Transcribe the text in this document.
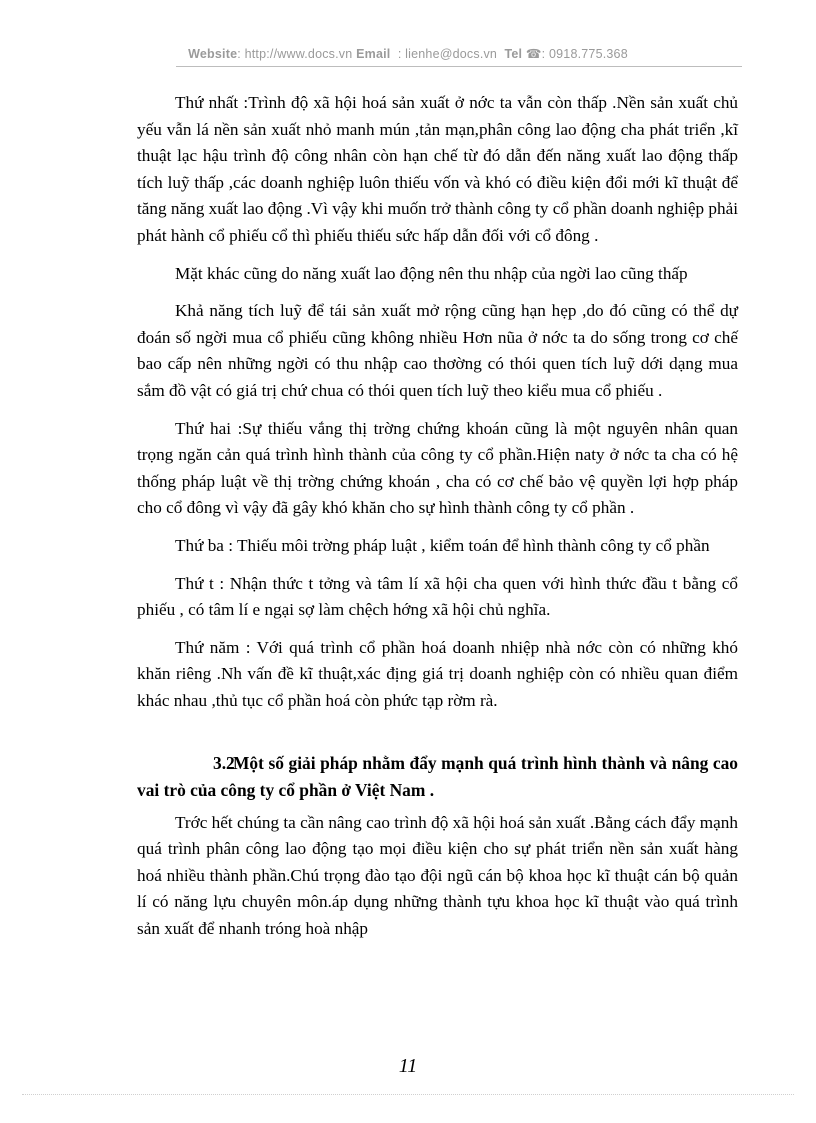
Website: http://www.docs.vn Email : lienhe@docs.vn Tel ☎: 0918.775.368

Thứ nhất :Trình độ xã hội hoá sản xuất ở nớc ta vẫn còn thấp .Nền sản xuất chủ yếu vẫn lá nền sản xuất nhỏ manh mún ,tản mạn,phân công lao động cha phát triển ,kĩ thuật lạc hậu trình độ công nhân còn hạn chế từ đó dẫn đến năng xuất lao động thấp tích luỹ thấp ,các doanh nghiệp luôn thiếu vốn và khó có điều kiện đổi mới kĩ thuật để tăng năng xuất lao động .Vì vậy khi muốn trở thành công ty cổ phần doanh nghiệp phải phát hành cổ phiếu cổ thì phiếu thiếu sức hấp dẫn đối với cổ đông .

Mặt khác cũng do năng xuất lao động nên thu nhập của ngời lao cũng thấp

Khả năng tích luỹ để tái sản xuất mở rộng cũng hạn hẹp ,do đó cũng có thể dự đoán số ngời mua cổ phiếu cũng không nhiều Hơn nũa ở nớc ta do sống trong cơ chế bao cấp nên những ngời có thu nhập cao thơờng có thói quen tích luỹ dới dạng mua sắm đồ vật có giá trị chứ chua có thói quen tích luỹ theo kiểu mua cổ phiếu .

Thứ hai :Sự thiếu vắng thị trờng chứng khoán cũng là một nguyên nhân quan trọng ngăn cản quá trình hình thành của công ty cổ phần.Hiện naty ở nớc ta cha có hệ thống pháp luật về thị trờng chứng khoán , cha có cơ chế bảo vệ quyền lợi hợp pháp cho cổ đông vì vậy đã gây khó khăn cho sự hình thành công ty cổ phần .

Thứ ba : Thiếu môi trờng pháp luật , kiểm toán để hình thành công ty cổ phần

Thứ t : Nhận thức t tởng và tâm lí xã hội cha quen với hình thức đầu t bằng cổ phiếu , có tâm lí e ngại sợ làm chệch hớng xã hội chủ nghĩa.

Thứ năm : Với quá trình cổ phần hoá doanh nhiệp nhà nớc còn có những khó khăn riêng .Nh vấn đề kĩ thuật,xác địng giá trị doanh nghiệp còn có nhiều quan điểm khác nhau ,thủ tục cổ phần hoá còn phức tạp rờm rà.

3.2Một số giải pháp nhằm đẩy mạnh quá trình hình thành và nâng cao vai trò của công ty cổ phần ở Việt Nam .

Trớc hết chúng ta cần nâng cao trình độ xã hội hoá sản xuất .Bằng cách đẩy mạnh quá trình phân công lao động tạo mọi điều kiện cho sự phát triển nền sản xuất hàng hoá nhiều thành phần.Chú trọng đào tạo đội ngũ cán bộ khoa học kĩ thuật cán bộ quản lí có năng lựu chuyên môn.áp dụng những thành tựu khoa học kĩ thuật vào quá trình sản xuất để nhanh tróng hoà nhập

11
